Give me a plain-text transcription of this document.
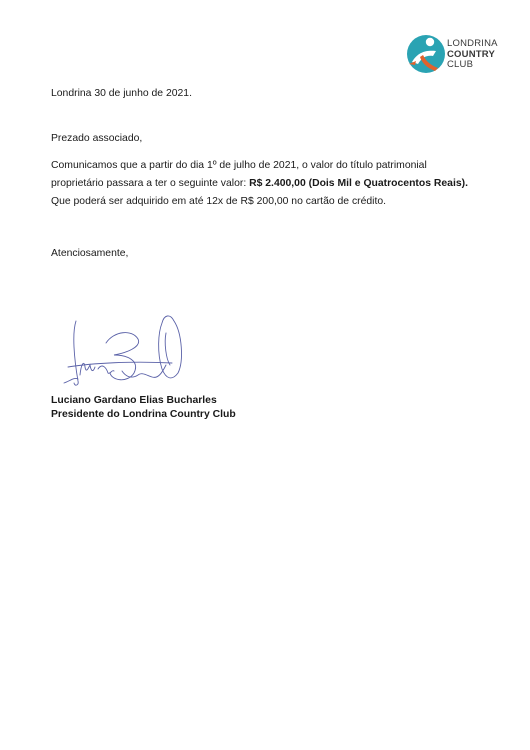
LONDRINA
COUNTRY
CLUB
Londrina 30 de junho de 2021.
Prezado associado,
Comunicamos que a partir do dia 1º de julho de 2021, o valor do título patrimonial proprietário passara a ter o seguinte valor: R$ 2.400,00 (Dois Mil e Quatrocentos Reais). Que poderá ser adquirido em até 12x de R$ 200,00 no cartão de crédito.
Atenciosamente,
Luciano Gardano Elias Bucharles
Presidente do Londrina Country Club
